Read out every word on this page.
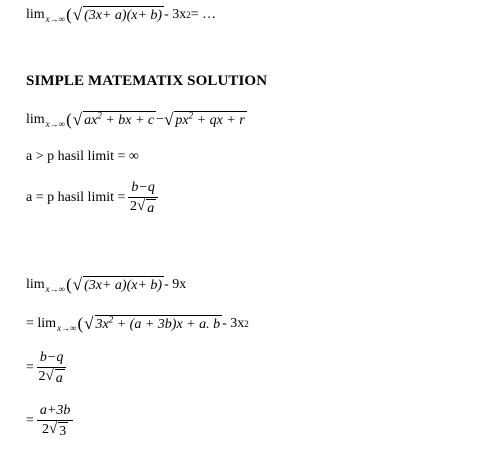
lim x→∞ ( √ (3x+ a)(x+ b) - 3x 2 = …
SIMPLE MATEMATIX SOLUTION
lim x→∞ ( √ $ax^2$ + bx + c − √ $px^2$ + qx + r
a > p hasil limit = ∞
a = p hasil limit = $\frac{b-q}{2 √ a}$
lim x→∞ ( √ (3x+ a)(x+ b) - 9x
= lim x→∞ ( √ $3x^2 + (a + 3b)x + a$. b - 3x 2
= $\frac{b-q}{2 √ a}$
= $\frac{a+3b}{2 √ 3}$
